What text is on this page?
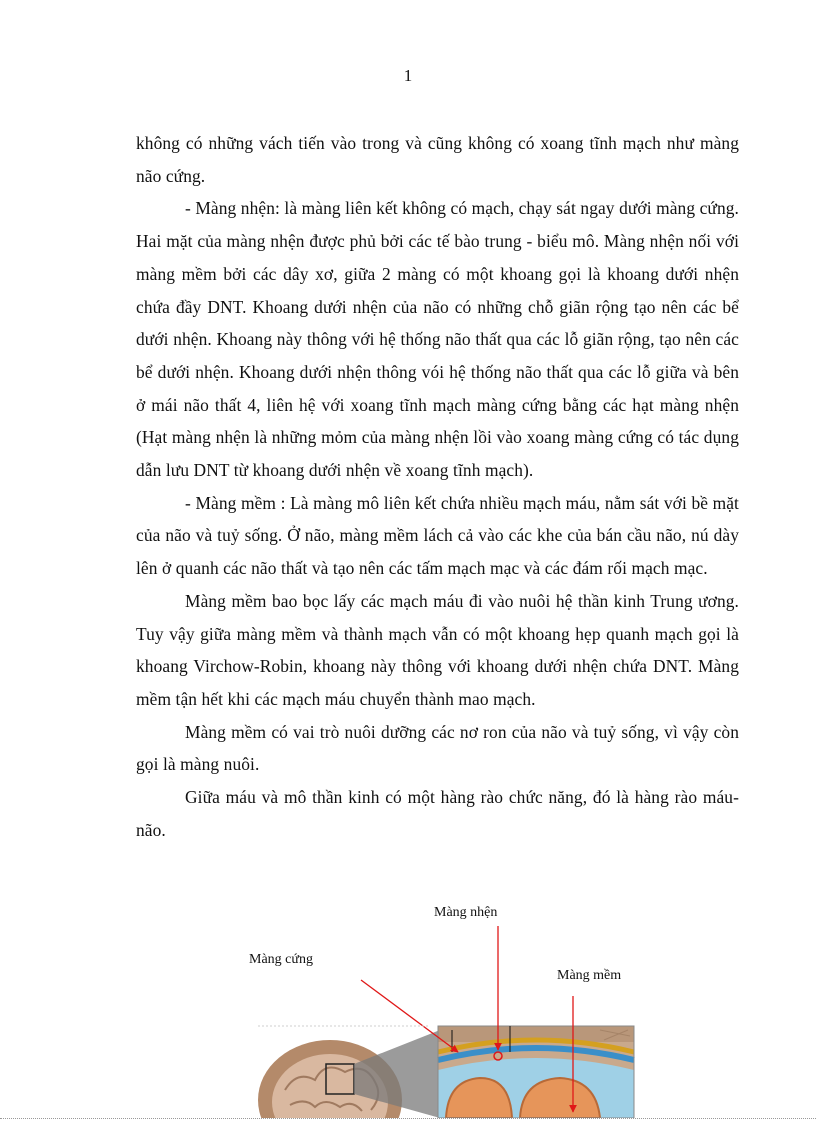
1

không có những vách tiến vào trong và cũng không có xoang tĩnh mạch như màng não cứng.

- Màng nhện: là màng liên kết không có mạch, chạy sát ngay dưới màng cứng. Hai mặt của màng nhện được phủ bởi các tế bào trung - biểu mô. Màng nhện nối với màng mềm bởi các dây xơ, giữa 2 màng có một khoang gọi là khoang dưới nhện chứa đầy DNT. Khoang dưới nhện của não có những chỗ giãn rộng tạo nên các bể dưới nhện. Khoang này thông với hệ thống não thất qua các lỗ giãn rộng, tạo nên các bể dưới nhện. Khoang dưới nhện thông vói hệ thống não thất qua các lỗ giữa và bên ở mái não thất 4, liên hệ với xoang tĩnh mạch màng cứng bằng các hạt màng nhện (Hạt màng nhện là những mỏm của màng nhện lồi vào xoang màng cứng có tác dụng dẫn lưu DNT từ khoang dưới nhện về xoang tĩnh mạch).

- Màng mềm : Là màng mô liên kết chứa nhiều mạch máu, nằm sát với bề mặt của não và tuỷ sống. Ở não, màng mềm lách cả vào các khe của bán cầu não, nú dày lên ở quanh các não thất và tạo nên các tấm mạch mạc và các đám rối mạch mạc.

Màng mềm bao bọc lấy các mạch máu đi vào nuôi hệ thần kinh Trung ương. Tuy vậy giữa màng mềm và thành mạch vẫn có một khoang hẹp quanh mạch gọi là khoang Virchow-Robin, khoang này thông với khoang dưới nhện chứa DNT. Màng mềm tận hết khi các mạch máu chuyển thành mao mạch.

Màng mềm có vai trò nuôi dưỡng các nơ ron của não và tuỷ sống, vì vậy còn gọi là màng nuôi.

Giữa máu và mô thần kinh có một hàng rào chức năng, đó là hàng rào máu- não.

Màng nhện
Màng cứng
Màng mềm
